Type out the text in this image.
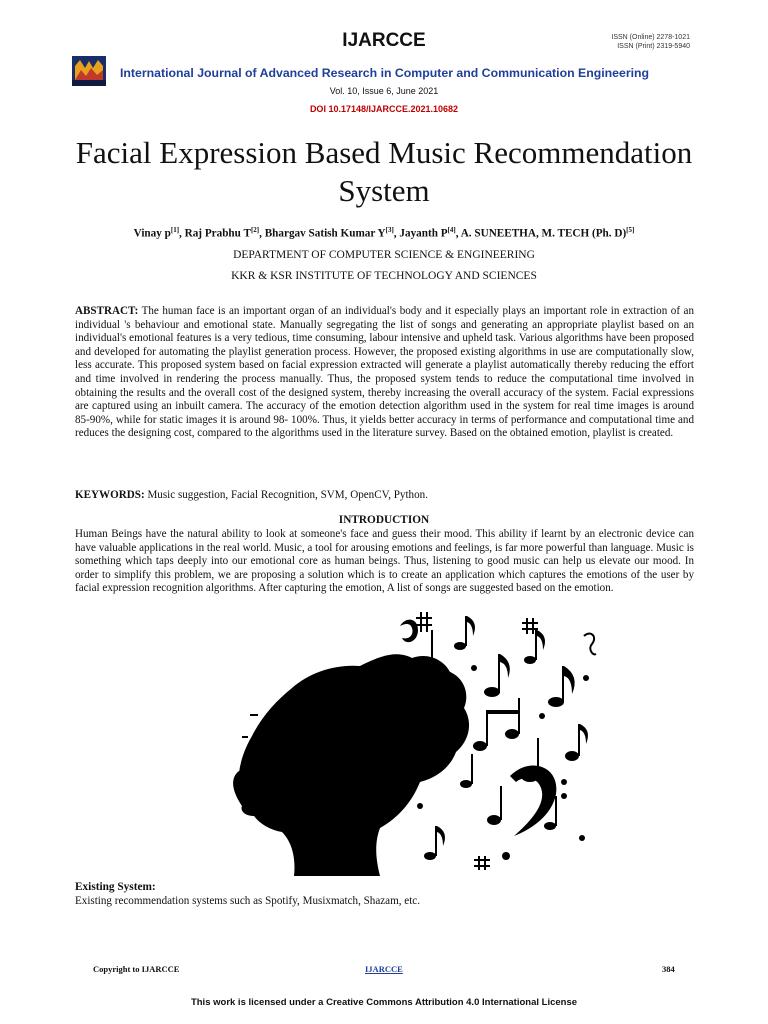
IJARCCE	ISSN (Online) 2278-1021
ISSN (Print) 2319-5940
International Journal of Advanced Research in Computer and Communication Engineering
Vol. 10, Issue 6, June 2021
DOI 10.17148/IJARCCE.2021.10682
Facial Expression Based Music Recommendation System
Vinay p[1], Raj Prabhu T[2], Bhargav Satish Kumar Y[3], Jayanth P[4], A. SUNEETHA, M. TECH (Ph. D)[5]
DEPARTMENT OF COMPUTER SCIENCE & ENGINEERING
KKR & KSR INSTITUTE OF TECHNOLOGY AND SCIENCES
ABSTRACT: The human face is an important organ of an individual's body and it especially plays an important role in extraction of an individual 's behaviour and emotional state. Manually segregating the list of songs and generating an appropriate playlist based on an individual's emotional features is a very tedious, time consuming, labour intensive and upheld task. Various algorithms have been proposed and developed for automating the playlist generation process. However, the proposed existing algorithms in use are computationally slow, less accurate. This proposed system based on facial expression extracted will generate a playlist automatically thereby reducing the effort and time involved in rendering the process manually. Thus, the proposed system tends to reduce the computational time involved in obtaining the results and the overall cost of the designed system, thereby increasing the overall accuracy of the system. Facial expressions are captured using an inbuilt camera. The accuracy of the emotion detection algorithm used in the system for real time images is around 85-90%, while for static images it is around 98- 100%. Thus, it yields better accuracy in terms of performance and computational time and reduces the designing cost, compared to the algorithms used in the literature survey. Based on the obtained emotion, playlist is created.
KEYWORDS: Music suggestion, Facial Recognition, SVM, OpenCV, Python.
INTRODUCTION
Human Beings have the natural ability to look at someone's face and guess their mood. This ability if learnt by an electronic device can have valuable applications in the real world. Music, a tool for arousing emotions and feelings, is far more powerful than language. Music is something which taps deeply into our emotional core as human beings. Thus, listening to good music can help us elevate our mood. In order to simplify this problem, we are proposing a solution which is to create an application which captures the emotions of the user by facial expression recognition algorithms. After capturing the emotion, A list of songs are suggested based on the emotion.
Existing System:
Existing recommendation systems such as Spotify, Musixmatch, Shazam, etc.
Copyright to IJARCCE	IJARCCE	384
This work is licensed under a Creative Commons Attribution 4.0 International License
